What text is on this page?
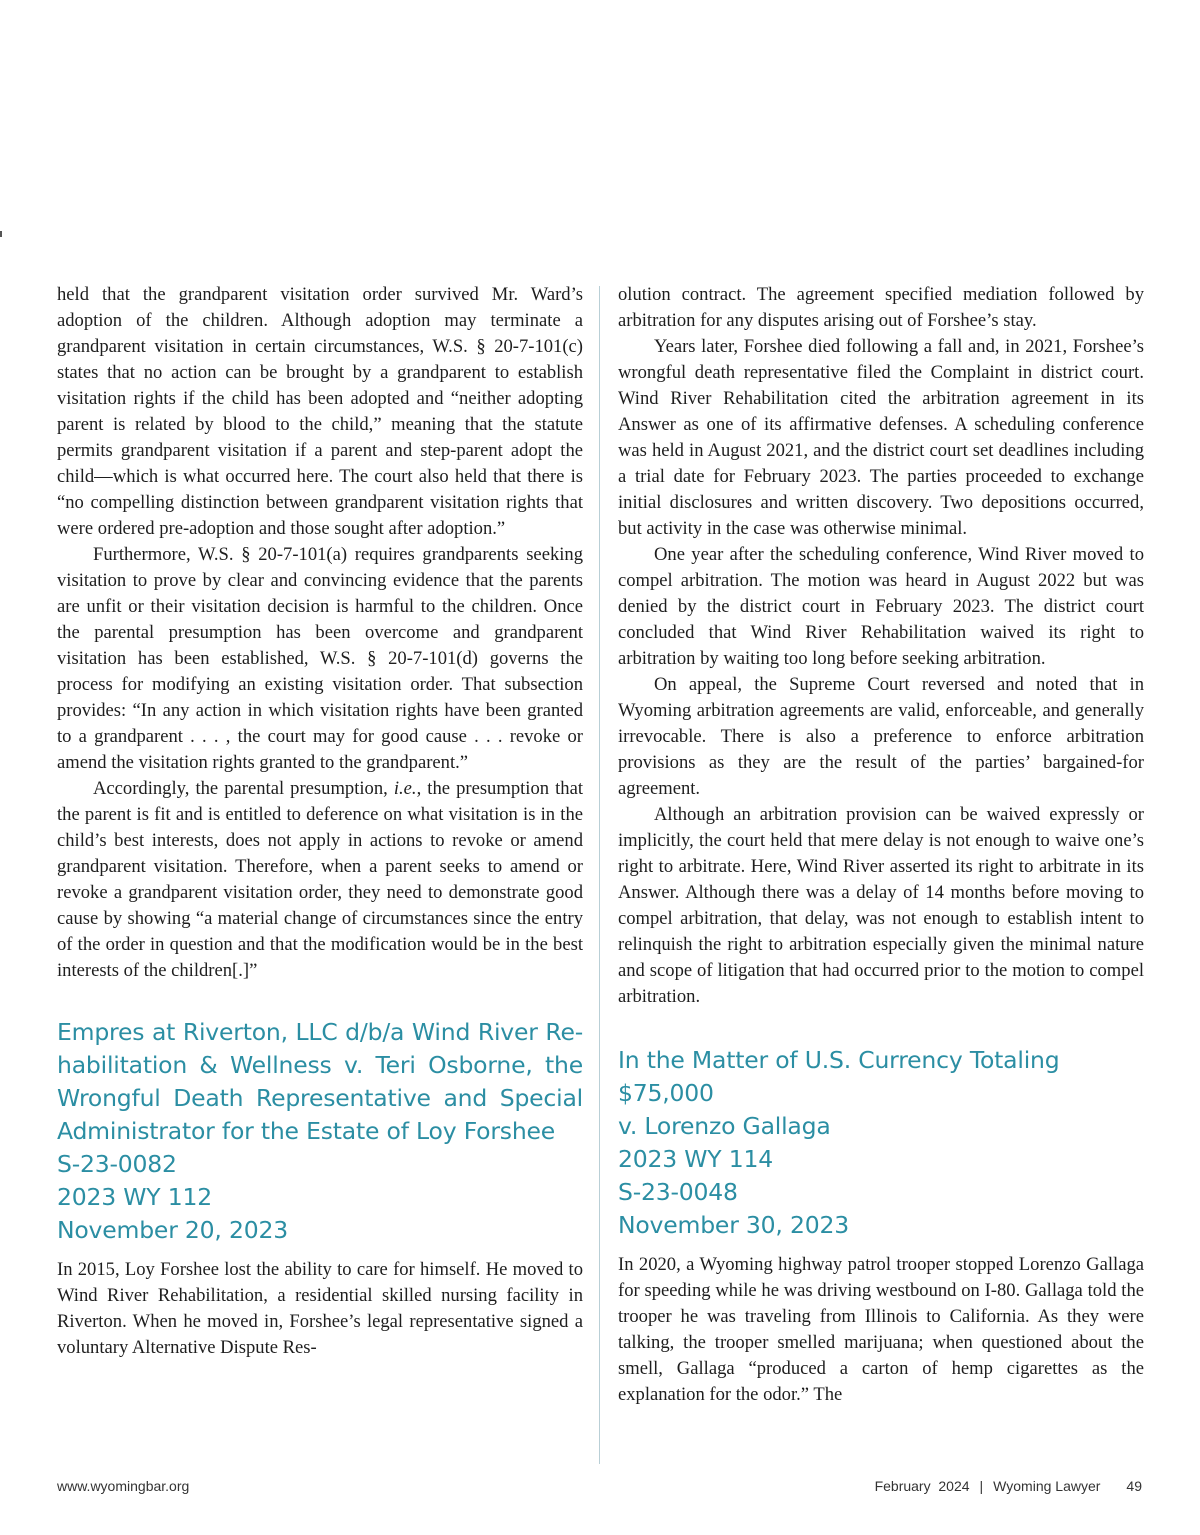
held that the grandparent visitation order survived Mr. Ward’s adoption of the children. Although adoption may terminate a grandparent visitation in certain circumstances, W.S. § 20-7-101(c) states that no action can be brought by a grandparent to establish visitation rights if the child has been adopted and “neither adopting parent is related by blood to the child,” meaning that the statute permits grandparent visitation if a parent and step-parent adopt the child—which is what occurred here. The court also held that there is “no compelling distinction between grandparent visitation rights that were ordered pre-adoption and those sought after adoption.”

Furthermore, W.S. § 20-7-101(a) requires grandparents seeking visitation to prove by clear and convincing evidence that the parents are unfit or their visitation decision is harmful to the children. Once the parental presumption has been overcome and grandparent visitation has been established, W.S. § 20-7-101(d) governs the process for modifying an existing visitation order. That subsection provides: “In any action in which visitation rights have been granted to a grandparent . . . , the court may for good cause . . . revoke or amend the visitation rights granted to the grandparent.”

Accordingly, the parental presumption, i.e., the presumption that the parent is fit and is entitled to deference on what visitation is in the child’s best interests, does not apply in actions to revoke or amend grandparent visitation. Therefore, when a parent seeks to amend or revoke a grandparent visitation order, they need to demonstrate good cause by showing “a material change of circumstances since the entry of the order in question and that the modification would be in the best interests of the children[.]”

Empres at Riverton, LLC d/b/a Wind River Re-
habilitation & Wellness v. Teri Osborne, the
Wrongful Death Representative and Special
Administrator for the Estate of Loy Forshee
S-23-0082
2023 WY 112
November 20, 2023

In 2015, Loy Forshee lost the ability to care for himself. He moved to Wind River Rehabilitation, a residential skilled nursing facility in Riverton. When he moved in, Forshee’s legal representative signed a voluntary Alternative Dispute Res-

olution contract. The agreement specified mediation followed by arbitration for any disputes arising out of Forshee’s stay.

Years later, Forshee died following a fall and, in 2021, Forshee’s wrongful death representative filed the Complaint in district court. Wind River Rehabilitation cited the arbitration agreement in its Answer as one of its affirmative defenses. A scheduling conference was held in August 2021, and the district court set deadlines including a trial date for February 2023. The parties proceeded to exchange initial disclosures and written discovery. Two depositions occurred, but activity in the case was otherwise minimal.

One year after the scheduling conference, Wind River moved to compel arbitration. The motion was heard in August 2022 but was denied by the district court in February 2023. The district court concluded that Wind River Rehabilitation waived its right to arbitration by waiting too long before seeking arbitration.

On appeal, the Supreme Court reversed and noted that in Wyoming arbitration agreements are valid, enforceable, and generally irrevocable. There is also a preference to enforce arbitration provisions as they are the result of the parties’ bargained-for agreement.

Although an arbitration provision can be waived expressly or implicitly, the court held that mere delay is not enough to waive one’s right to arbitrate. Here, Wind River asserted its right to arbitrate in its Answer. Although there was a delay of 14 months before moving to compel arbitration, that delay, was not enough to establish intent to relinquish the right to arbitration especially given the minimal nature and scope of litigation that had occurred prior to the motion to compel arbitration.

In the Matter of U.S. Currency Totaling $75,000
v. Lorenzo Gallaga
2023 WY 114
S-23-0048
November 30, 2023

In 2020, a Wyoming highway patrol trooper stopped Lorenzo Gallaga for speeding while he was driving westbound on I-80. Gallaga told the trooper he was traveling from Illinois to California. As they were talking, the trooper smelled marijuana; when questioned about the smell, Gallaga “produced a carton of hemp cigarettes as the explanation for the odor.” The

www.wyomingbar.org	February  2024 | Wyoming Lawyer 49
